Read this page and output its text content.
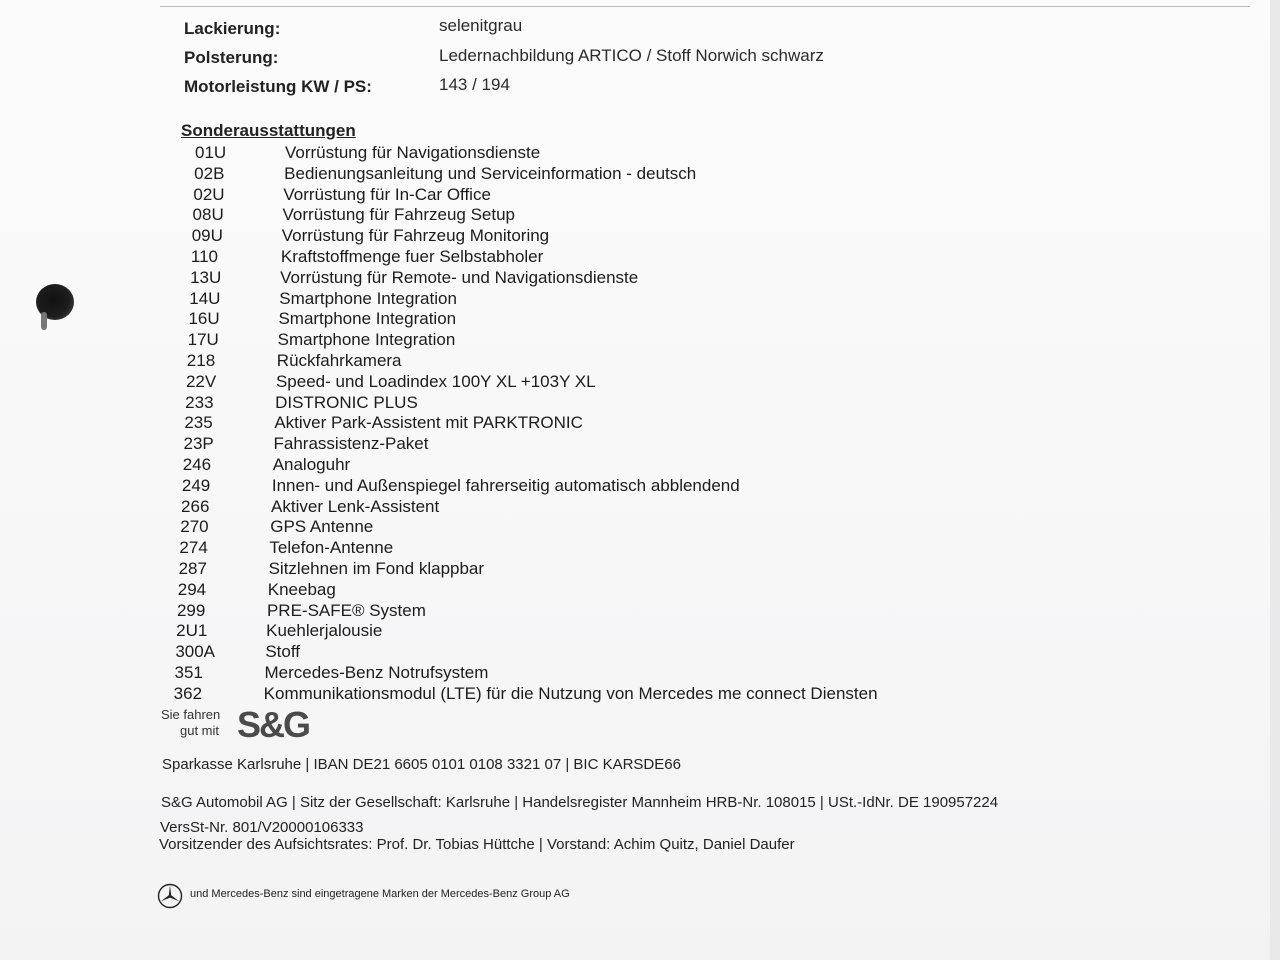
Lackierung:	selenitgrau
Polsterung:	Ledernachbildung ARTICO / Stoff Norwich schwarz
Motorleistung KW / PS:	143 / 194
Sonderausstattungen
01U	Vorrüstung für Navigationsdienste
02B	Bedienungsanleitung und Serviceinformation - deutsch
02U	Vorrüstung für In-Car Office
08U	Vorrüstung für Fahrzeug Setup
09U	Vorrüstung für Fahrzeug Monitoring
110	Kraftstoffmenge fuer Selbstabholer
13U	Vorrüstung für Remote- und Navigationsdienste
14U	Smartphone Integration
16U	Smartphone Integration
17U	Smartphone Integration
218	Rückfahrkamera
22V	Speed- und Loadindex 100Y XL +103Y XL
233	DISTRONIC PLUS
235	Aktiver Park-Assistent mit PARKTRONIC
23P	Fahrassistenz-Paket
246	Analoguhr
249	Innen- und Außenspiegel fahrerseitig automatisch abblendend
266	Aktiver Lenk-Assistent
270	GPS Antenne
274	Telefon-Antenne
287	Sitzlehnen im Fond klappbar
294	Kneebag
299	PRE-SAFE® System
2U1	Kuehlerjalousie
300A	Stoff
351	Mercedes-Benz Notrufsystem
362	Kommunikationsmodul (LTE) für die Nutzung von Mercedes me connect Diensten
Sie fahren
gut mit S&G
Sparkasse Karlsruhe | IBAN DE21 6605 0101 0108 3321 07 | BIC KARSDE66
S&G Automobil AG | Sitz der Gesellschaft: Karlsruhe | Handelsregister Mannheim HRB-Nr. 108015 | USt.-IdNr. DE 190957224
VersSt-Nr. 801/V20000106333
Vorsitzender des Aufsichtsrates: Prof. Dr. Tobias Hüttche | Vorstand: Achim Quitz, Daniel Daufer
und Mercedes-Benz sind eingetragene Marken der Mercedes-Benz Group AG
